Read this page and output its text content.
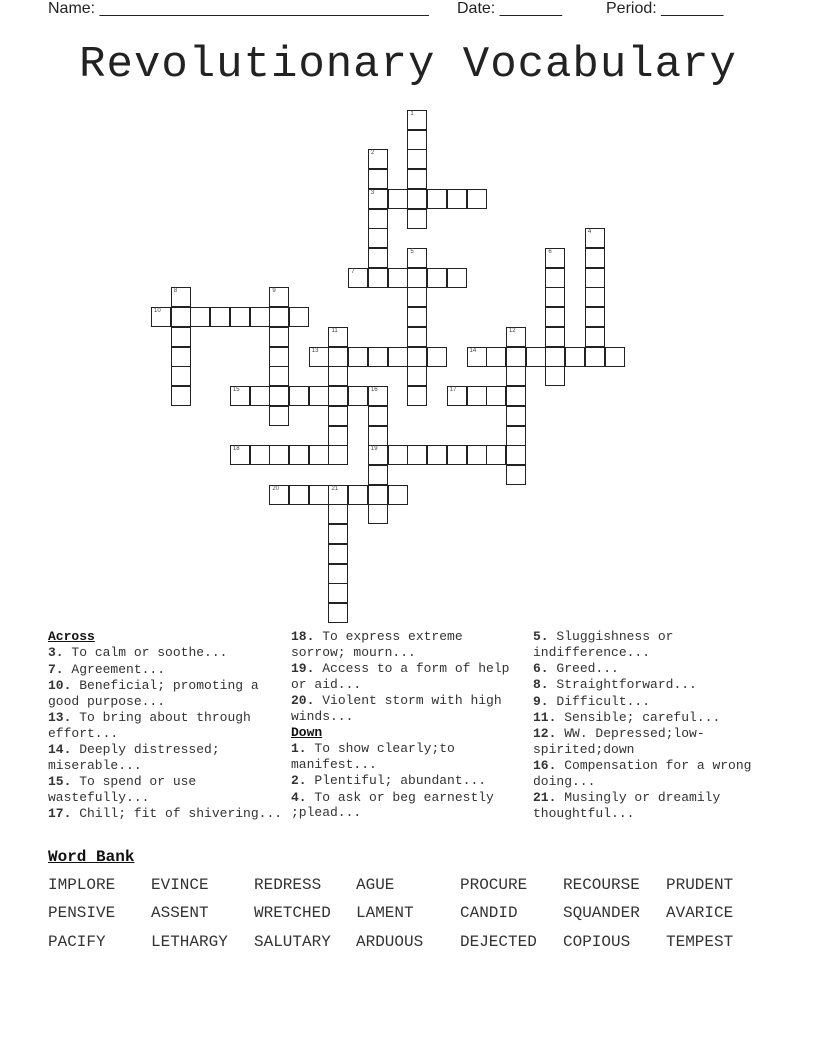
Name: _____________________________________ Date: _______	Period: _______
Revolutionary Vocabulary
1
2
3
4
5	6
7
8	9
10
11	12
13	14
15	16
19
17
18
20	21
Across
3. To calm or soothe...
7. Agreement...
10. Beneficial; promoting a good purpose...
13. To bring about through effort...
14. Deeply distressed; miserable...
15. To spend or use wastefully...
17. Chill; fit of shivering...
18. To express extreme sorrow; mourn...
19. Access to a form of help or aid...
20. Violent storm with high winds...
Down
1. To show clearly;to manifest...
2. Plentiful; abundant...
4. To ask or beg earnestly ;plead...
5. Sluggishness or indifference...
6. Greed...
8. Straightforward...
9. Difficult...
11. Sensible; careful...
12. WW. Depressed;low-spirited;down
16. Compensation for a wrong doing...
21. Musingly or dreamily thoughtful...
Word Bank
IMPLORE EVINCE	REDRESS AGUE	PROCURE RECOURSE PRUDENT
PENSIVE ASSENT	WRETCHED LAMENT	CANDID	SQUANDER AVARICE
PACIFY	LETHARGY SALUTARY ARDUOUS DEJECTED COPIOUS TEMPEST
